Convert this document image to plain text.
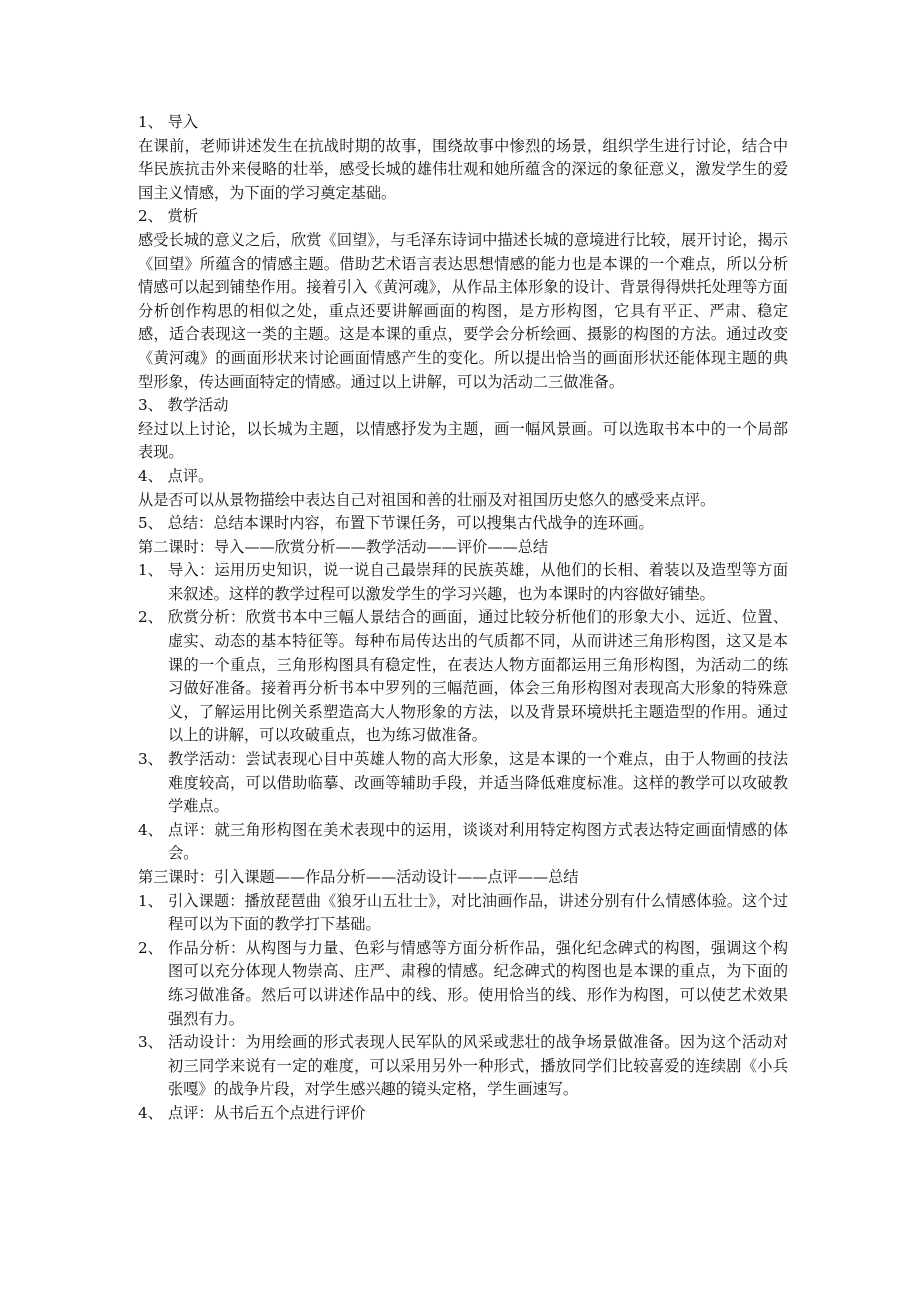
1、 导入
在课前，老师讲述发生在抗战时期的故事，围绕故事中惨烈的场景，组织学生进行讨论，结合中华民族抗击外来侵略的壮举，感受长城的雄伟壮观和她所蕴含的深远的象征意义，激发学生的爱国主义情感，为下面的学习奠定基础。
2、 赏析
感受长城的意义之后，欣赏《回望》，与毛泽东诗词中描述长城的意境进行比较，展开讨论，揭示《回望》所蕴含的情感主题。借助艺术语言表达思想情感的能力也是本课的一个难点，所以分析情感可以起到铺垫作用。接着引入《黄河魂》，从作品主体形象的设计、背景得得烘托处理等方面分析创作构思的相似之处，重点还要讲解画面的构图，是方形构图，它具有平正、严肃、稳定感，适合表现这一类的主题。这是本课的重点，要学会分析绘画、摄影的构图的方法。通过改变《黄河魂》的画面形状来讨论画面情感产生的变化。所以提出恰当的画面形状还能体现主题的典型形象，传达画面特定的情感。通过以上讲解，可以为活动二三做准备。
3、 教学活动
经过以上讨论，以长城为主题，以情感抒发为主题，画一幅风景画。可以选取书本中的一个局部表现。
4、 点评。
从是否可以从景物描绘中表达自己对祖国和善的壮丽及对祖国历史悠久的感受来点评。
5、 总结：总结本课时内容，布置下节课任务，可以搜集古代战争的连环画。
第二课时：导入——欣赏分析——教学活动——评价——总结
1、 导入：运用历史知识，说一说自己最崇拜的民族英雄，从他们的长相、着装以及造型等方面来叙述。这样的教学过程可以激发学生的学习兴趣，也为本课时的内容做好铺垫。
2、 欣赏分析：欣赏书本中三幅人景结合的画面，通过比较分析他们的形象大小、远近、位置、虚实、动态的基本特征等。每种布局传达出的气质都不同，从而讲述三角形构图，这又是本课的一个重点，三角形构图具有稳定性，在表达人物方面都运用三角形构图，为活动二的练习做好准备。接着再分析书本中罗列的三幅范画，体会三角形构图对表现高大形象的特殊意义，了解运用比例关系塑造高大人物形象的方法，以及背景环境烘托主题造型的作用。通过以上的讲解，可以攻破重点，也为练习做准备。
3、 教学活动：尝试表现心目中英雄人物的高大形象，这是本课的一个难点，由于人物画的技法难度较高，可以借助临摹、改画等辅助手段，并适当降低难度标准。这样的教学可以攻破教学难点。
4、 点评：就三角形构图在美术表现中的运用，谈谈对利用特定构图方式表达特定画面情感的体会。
第三课时：引入课题——作品分析——活动设计——点评——总结
1、 引入课题：播放琵琶曲《狼牙山五壮士》，对比油画作品，讲述分别有什么情感体验。这个过程可以为下面的教学打下基础。
2、 作品分析：从构图与力量、色彩与情感等方面分析作品，强化纪念碑式的构图，强调这个构图可以充分体现人物崇高、庄严、肃穆的情感。纪念碑式的构图也是本课的重点，为下面的练习做准备。然后可以讲述作品中的线、形。使用恰当的线、形作为构图，可以使艺术效果强烈有力。
3、 活动设计：为用绘画的形式表现人民军队的风采或悲壮的战争场景做准备。因为这个活动对初三同学来说有一定的难度，可以采用另外一种形式，播放同学们比较喜爱的连续剧《小兵张嘎》的战争片段，对学生感兴趣的镜头定格，学生画速写。
4、 点评：从书后五个点进行评价
